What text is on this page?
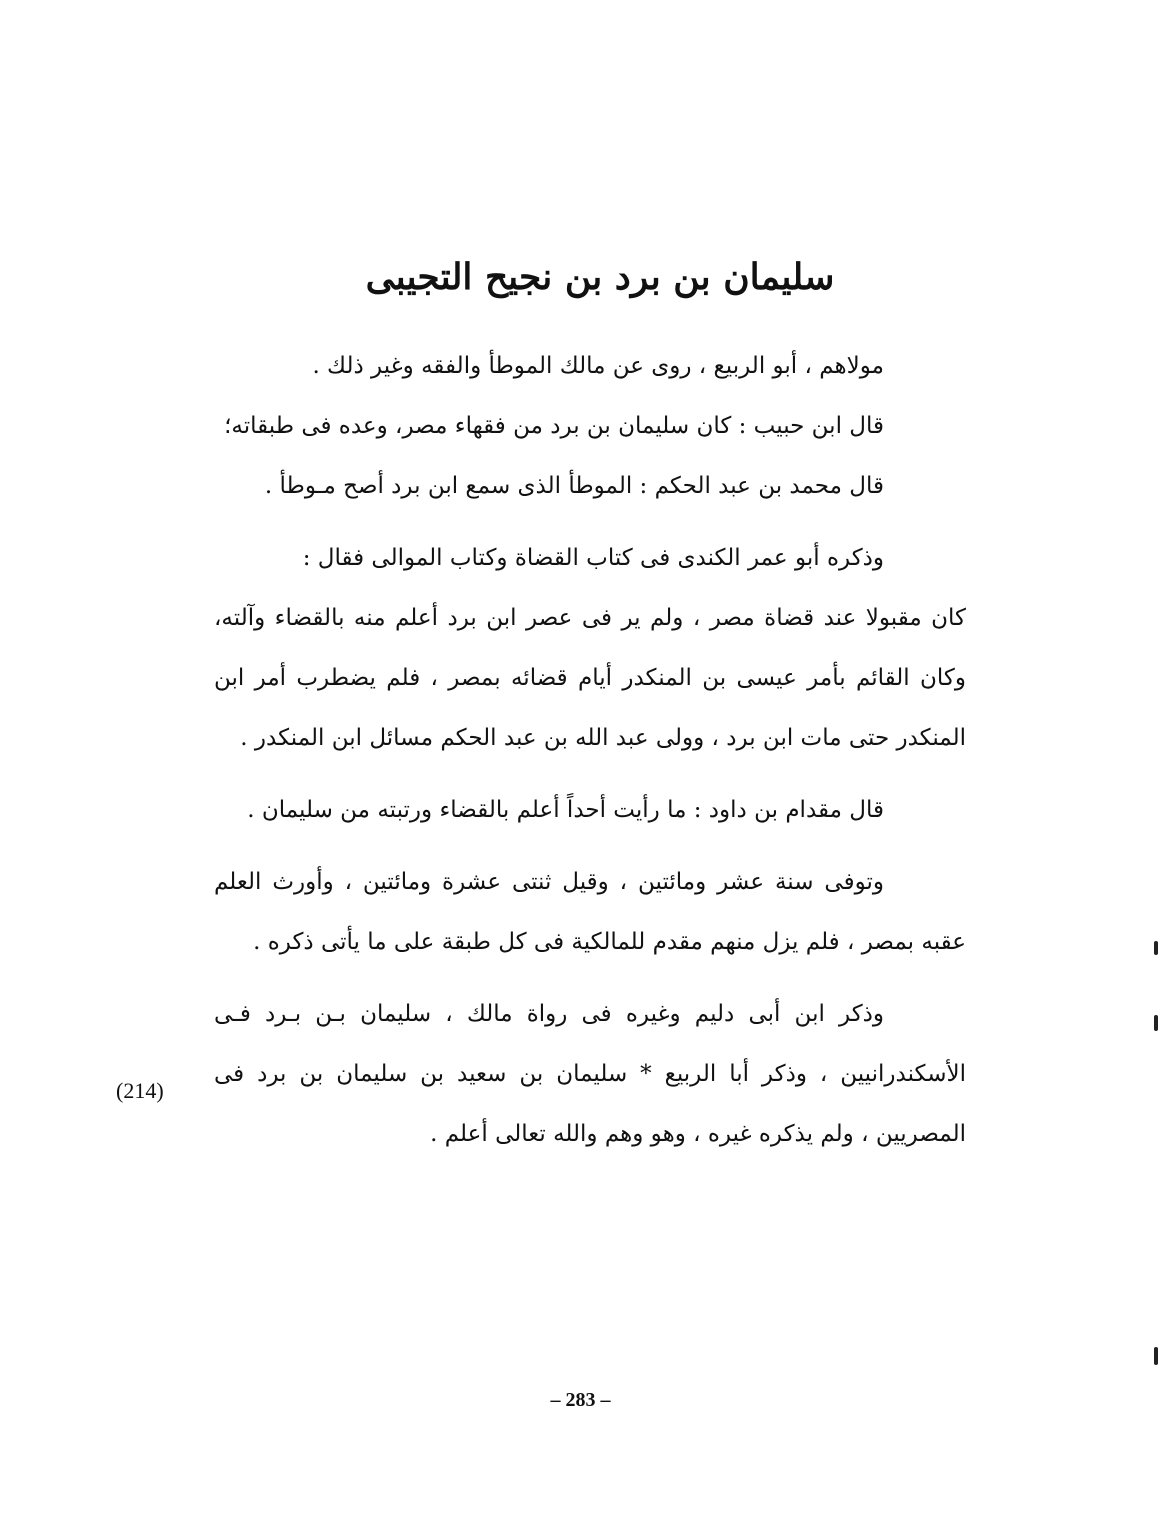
سليمان بن برد بن نجيح التجيبى
مولاهم ، أبو الربيع ، روى عن مالك الموطأ والفقه وغير ذلك .
قال ابن حبيب : كان سليمان بن برد من فقهاء مصر، وعده فى طبقاته؛
قال محمد بن عبد الحكم : الموطأ الذى سمع ابن برد أصح مـوطأ .
وذكره أبو عمر الكندى فى كتاب القضاة وكتاب الموالى فقال :
كان مقبولا عند قضاة مصر ، ولم ير فى عصر ابن برد أعلم منه بالقضاء وآلته،
وكان القائم بأمر عيسى بن المنكدر أيام قضائه بمصر ، فلم يضطرب أمر ابن
المنكدر حتى مات ابن برد ، وولى عبد الله بن عبد الحكم مسائل ابن المنكدر .
قال مقدام بن داود : ما رأيت أحداً أعلم بالقضاء ورتبته من سليمان .
وتوفى سنة عشر ومائتين ، وقيل ثنتى عشرة ومائتين ، وأورث العلم
عقبه بمصر ، فلم يزل منهم مقدم للمالكية فى كل طبقة على ما يأتى ذكره .
وذكر ابن أبى دليم وغيره فى رواة مالك ، سليمان بـن بـرد فـى
الأسكندرانيين ، وذكر أبا الربيع * سليمان بن سعيد بن سليمان بن برد فى
المصريين ، ولم يذكره غيره ، وهو وهم والله تعالى أعلم .
(214)
– 283 –
